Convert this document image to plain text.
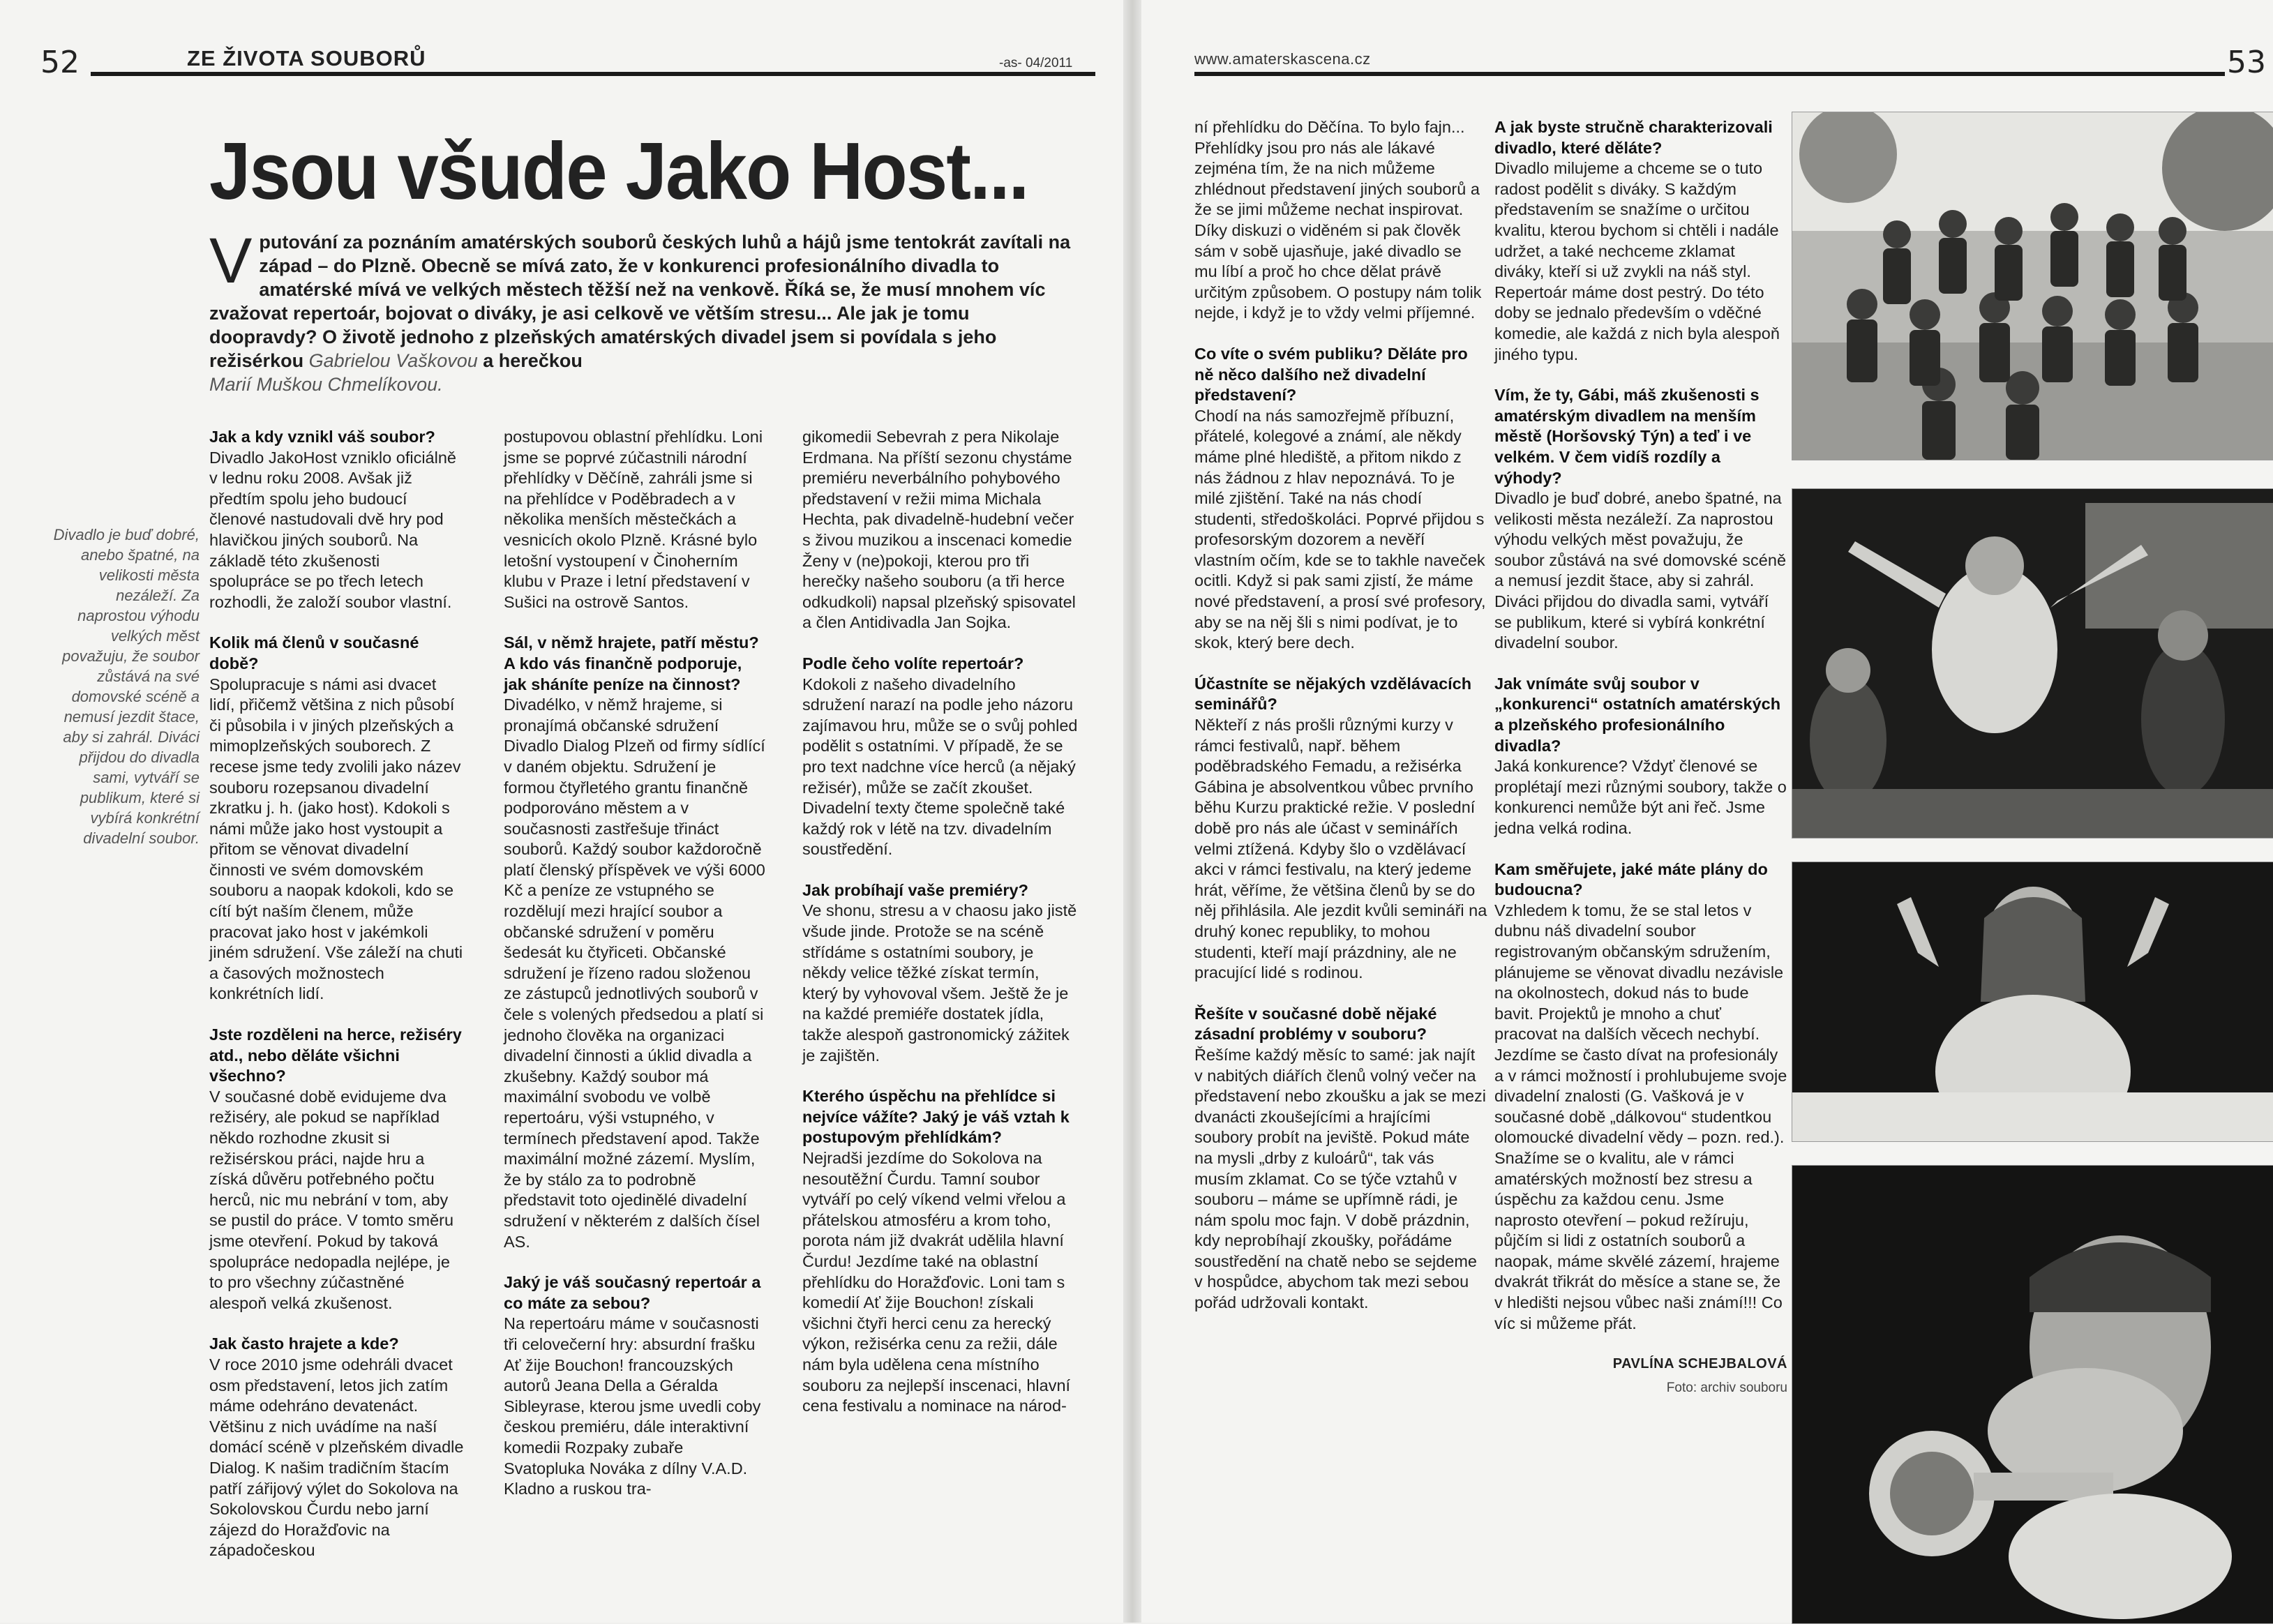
52	ZE ŽIVOTA SOUBORŮ	-as- 04/2011
Jsou všude Jako Host...
Vputování za poznáním amatérských souborů českých luhů a hájů jsme tentokrát zavítali na západ – do Plzně. Obecně se mívá zato, že v konkurenci profesionálního divadla to amatérské mívá ve velkých městech těžší než na venkově. Říká se, že musí mnohem víc zvažovat repertoár, bojovat o diváky, je asi celkově ve větším stresu... Ale jak je tomu doopravdy? O životě jednoho z plzeňských amatérských divadel jsem si povídala s jeho režisérkou Gabrielou Vaškovou a herečkou
Marií Muškou Chmelíkovou.
Divadlo je buď dobré, anebo špatné, na velikosti města nezáleží. Za naprostou výhodu velkých měst považuju, že soubor zůstává na své domovské scéně a nemusí jezdit štace, aby si zahrál. Diváci přijdou do divadla sami, vytváří se publikum, které si vybírá konkrétní divadelní soubor.

Jak a kdy vznikl váš soubor?

Divadlo JakoHost vzniklo oficiálně v lednu roku 2008. Avšak již předtím spolu jeho budoucí členové nastudovali dvě hry pod hlavičkou jiných souborů. Na základě této zkušenosti spolupráce se po třech letech rozhodli, že založí soubor vlastní.

Kolik má členů v současné době?

Spolupracuje s námi asi dvacet lidí, přičemž většina z nich působí či působila i v jiných plzeňských a mimoplzeňských souborech. Z recese jsme tedy zvolili jako název souboru rozepsanou divadelní zkratku j. h. (jako host). Kdokoli s námi může jako host vystoupit a přitom se věnovat divadelní činnosti ve svém domovském souboru a naopak kdokoli, kdo se cítí být naším členem, může pracovat jako host v jakémkoli jiném sdružení. Vše záleží na chuti a časových možnostech konkrétních lidí.

Jste rozděleni na herce, režiséry atd., nebo děláte všichni všechno?

V současné době evidujeme dva režiséry, ale pokud se například někdo rozhodne zkusit si režisérskou práci, najde hru a získá důvěru potřebného počtu herců, nic mu nebrání v tom, aby se pustil do práce. V tomto směru jsme otevření. Pokud by taková spolupráce nedopadla nejlépe, je to pro všechny zúčastněné alespoň velká zkušenost.

Jak často hrajete a kde?

V roce 2010 jsme odehráli dvacet osm představení, letos jich zatím máme odehráno devatenáct. Většinu z nich uvádíme na naší domácí scéně v plzeňském divadle Dialog. K našim tradičním štacím patří zářijový výlet do Sokolova na Sokolovskou Čurdu nebo jarní zájezd do Horažďovic na západočeskou

postupovou oblastní přehlídku. Loni jsme se poprvé zúčastnili národní přehlídky v Děčíně, zahráli jsme si na přehlídce v Poděbradech a v několika menších městečkách a vesnicích okolo Plzně. Krásné bylo letošní vystoupení v Činoherním klubu v Praze i letní představení v Sušici na ostrově Santos.

Sál, v němž hrajete, patří městu? A kdo vás finančně podporuje, jak sháníte peníze na činnost?

Divadélko, v němž hrajeme, si pronajímá občanské sdružení Divadlo Dialog Plzeň od firmy sídlící v daném objektu. Sdružení je formou čtyřletého grantu finančně podporováno městem a v současnosti zastřešuje třináct souborů. Každý soubor každoročně platí členský příspěvek ve výši 6000 Kč a peníze ze vstupného se rozdělují mezi hrající soubor a občanské sdružení v poměru šedesát ku čtyřiceti. Občanské sdružení je řízeno radou složenou ze zástupců jednotlivých souborů v čele s volených předsedou a platí si jednoho člověka na organizaci divadelní činnosti a úklid divadla a zkušebny. Každý soubor má maximální svobodu ve volbě repertoáru, výši vstupného, v termínech představení apod. Takže maximální možné zázemí. Myslím, že by stálo za to podrobně představit toto ojedinělé divadelní sdružení v některém z dalších čísel AS.

Jaký je váš současný repertoár a co máte za sebou?

Na repertoáru máme v současnosti tři celovečerní hry: absurdní frašku Ať žije Bouchon! francouzských autorů Jeana Della a Géralda Sibleyrase, kterou jsme uvedli coby českou premiéru, dále interaktivní komedii Rozpaky zubaře Svatopluka Nováka z dílny V.A.D. Kladno a ruskou tra-

gikomedii Sebevrah z pera Nikolaje Erdmana. Na příští sezonu chystáme premiéru neverbálního pohybového představení v režii mima Michala Hechta, pak divadelně-hudební večer s živou muzikou a inscenaci komedie Ženy v (ne)pokoji, kterou pro tři herečky našeho souboru (a tři herce odkudkoli) napsal plzeňský spisovatel a člen Antidivadla Jan Sojka.

Podle čeho volíte repertoár?

Kdokoli z našeho divadelního sdružení narazí na podle jeho názoru zajímavou hru, může se o svůj pohled podělit s ostatními. V případě, že se pro text nadchne více herců (a nějaký režisér), může se začít zkoušet. Divadelní texty čteme společně také každý rok v létě na tzv. divadelním soustředění.

Jak probíhají vaše premiéry?

Ve shonu, stresu a v chaosu jako jistě všude jinde. Protože se na scéně střídáme s ostatními soubory, je někdy velice těžké získat termín, který by vyhovoval všem. Ještě že je na každé premiéře dostatek jídla, takže alespoň gastronomický zážitek je zajištěn.

Kterého úspěchu na přehlídce si nejvíce vážíte? Jaký je váš vztah k postupovým přehlídkám?

Nejradši jezdíme do Sokolova na nesoutěžní Čurdu. Tamní soubor vytváří po celý víkend velmi vřelou a přátelskou atmosféru a krom toho, porota nám již dvakrát udělila hlavní Čurdu! Jezdíme také na oblastní přehlídku do Horažďovic. Loni tam s komedií Ať žije Bouchon! získali všichni čtyři herci cenu za herecký výkon, režisérka cenu za režii, dále nám byla udělena cena místního souboru za nejlepší inscenaci, hlavní cena festivalu a nominace na národ-

www.amaterskascena.cz	53

ní přehlídku do Děčína. To bylo fajn... Přehlídky jsou pro nás ale lákavé zejména tím, že na nich můžeme zhlédnout představení jiných souborů a že se jimi můžeme nechat inspirovat. Díky diskuzi o viděném si pak člověk sám v sobě ujasňuje, jaké divadlo se mu líbí a proč ho chce dělat právě určitým způsobem. O postupy nám tolik nejde, i když je to vždy velmi příjemné.

Co víte o svém publiku? Děláte pro ně něco dalšího než divadelní představení?

Chodí na nás samozřejmě příbuzní, přátelé, kolegové a známí, ale někdy máme plné hlediště, a přitom nikdo z nás žádnou z hlav nepoznává. To je milé zjištění. Také na nás chodí studenti, středoškoláci. Poprvé přijdou s profesorským dozorem a nevěří vlastním očím, kde se to takhle naveček ocitli. Když si pak sami zjistí, že máme nové představení, a prosí své profesory, aby se na něj šli s nimi podívat, je to skok, který bere dech.

Účastníte se nějakých vzdělávacích seminářů?

Někteří z nás prošli různými kurzy v rámci festivalů, např. během poděbradského Femadu, a režisérka Gábina je absolventkou vůbec prvního běhu Kurzu praktické režie. V poslední době pro nás ale účast v seminářích velmi ztížená. Kdyby šlo o vzdělávací akci v rámci festivalu, na který jedeme hrát, věříme, že většina členů by se do něj přihlásila. Ale jezdit kvůli semináři na druhý konec republiky, to mohou studenti, kteří mají prázdniny, ale ne pracující lidé s rodinou.

Řešíte v současné době nějaké zásadní problémy v souboru?

Řešíme každý měsíc to samé: jak najít v nabitých diářích členů volný večer na představení nebo zkoušku a jak se mezi dvanácti zkoušejícími a hrajícími soubory probít na jeviště. Pokud máte na mysli „drby z kuloárů“, tak vás musím zklamat. Co se týče vztahů v souboru – máme se upřímně rádi, je nám spolu moc fajn. V době prázdnin, kdy neprobíhají zkoušky, pořádáme soustředění na chatě nebo se sejdeme v hospůdce, abychom tak mezi sebou pořád udržovali kontakt.

A jak byste stručně charakterizovali divadlo, které děláte?

Divadlo milujeme a chceme se o tuto radost podělit s diváky. S každým představením se snažíme o určitou kvalitu, kterou bychom si chtěli i nadále udržet, a také nechceme zklamat diváky, kteří si už zvykli na náš styl. Repertoár máme dost pestrý. Do této doby se jednalo především o vděčné komedie, ale každá z nich byla alespoň jiného typu.

Vím, že ty, Gábi, máš zkušenosti s amatérským divadlem na menším městě (Horšovský Týn) a teď i ve velkém. V čem vidíš rozdíly a výhody?

Divadlo je buď dobré, anebo špatné, na velikosti města nezáleží. Za naprostou výhodu velkých měst považuju, že soubor zůstává na své domovské scéně a nemusí jezdit štace, aby si zahrál. Diváci přijdou do divadla sami, vytváří se publikum, které si vybírá konkrétní divadelní soubor.

Jak vnímáte svůj soubor v „konkurenci“ ostatních amatérských a plzeňského profesionálního divadla?

Jaká konkurence? Vždyť členové se proplétají mezi různými soubory, takže o konkurenci nemůže být ani řeč. Jsme jedna velká rodina.

Kam směřujete, jaké máte plány do budoucna?

Vzhledem k tomu, že se stal letos v dubnu náš divadelní soubor registrovaným občanským sdružením, plánujeme se věnovat divadlu nezávisle na okolnostech, dokud nás to bude bavit. Projektů je mnoho a chuť pracovat na dalších věcech nechybí. Jezdíme se často dívat na profesionály a v rámci možností i prohlubujeme svoje divadelní znalosti (G. Vašková je v současné době „dálkovou“ studentkou olomoucké divadelní vědy – pozn. red.). Snažíme se o kvalitu, ale v rámci amatérských možností bez stresu a úspěchu za každou cenu. Jsme naprosto otevření – pokud režíruju, půjčím si lidi z ostatních souborů a naopak, máme skvělé zázemí, hrajeme dvakrát třikrát do měsíce a stane se, že v hledišti nejsou vůbec naši známí!!! Co víc si můžeme přát.

PAVLÍNA SCHEJBALOVÁ
Foto: archiv souboru
